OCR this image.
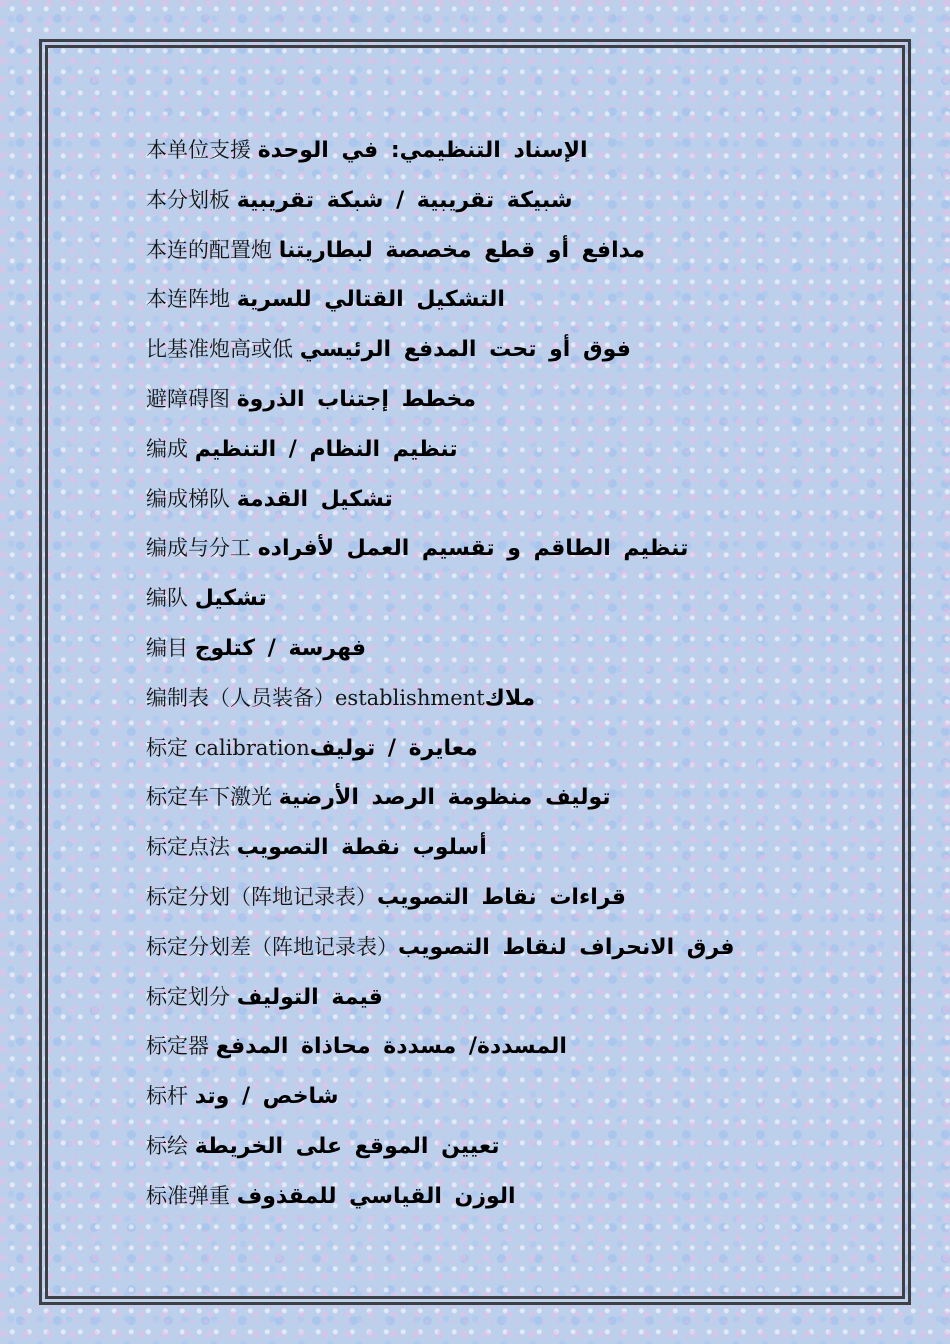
本单位支援 الإسناد التنظيمي: في الوحدة
本分划板 شبيكة تقريبية / شبكة تقريبية
本连的配置炮 مدافع أو قطع مخصصة لبطاريتنا
本连阵地 التشكيل القتالي للسرية
比基准炮高或低 فوق أو تحت المدفع الرئيسي
避障碍图 مخطط إجتناب الذروة
编成 تنظيم النظام / التنظيم
编成梯队 تشكيل القدمة
编成与分工 تنظيم الطاقم و تقسيم العمل لأفراده
编队 تشكيل
编目 فهرسة / كتلوج
编制表（人员装备）establishmentملاك
标定 calibrationمعايرة / توليف
标定车下激光 توليف منظومة الرصد الأرضية
标定点法 أسلوب نقطة التصويب
标定分划（阵地记录表）قراءات نقاط التصويب
标定分划差（阵地记录表）فرق الانحراف لنقاط التصويب
标定划分 قيمة التوليف
标定器 المسددة/ مسددة محاذاة المدفع
标杆 شاخص / وتد
标绘 تعيين الموقع على الخريطة
标准弹重 الوزن القياسي للمقذوف
